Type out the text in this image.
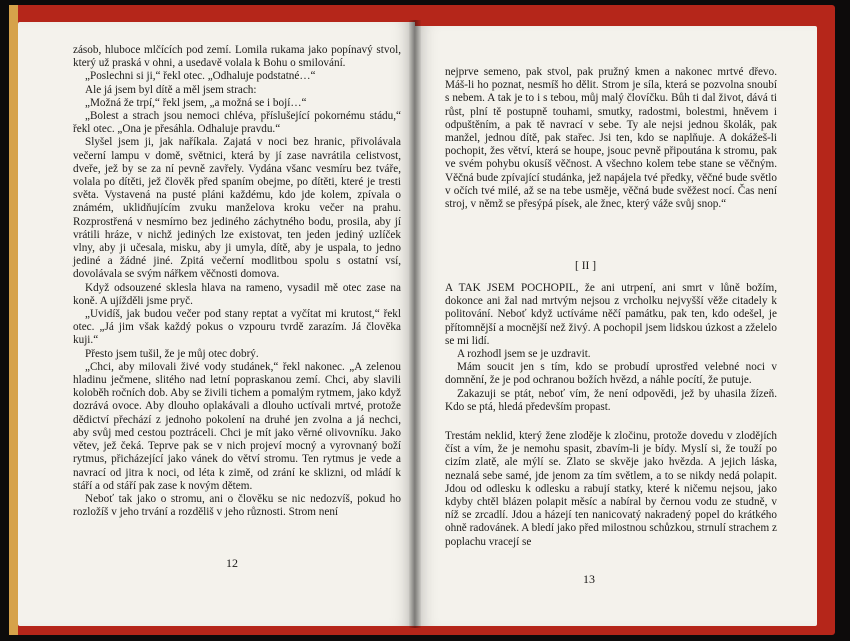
zásob, hluboce mlčících pod zemí. Lomila rukama jako popínavý stvol, který už praská v ohni, a usedavě volala k Bohu o smilování.

„Poslechni si ji,“ řekl otec. „Odhaluje podstatné…“

Ale já jsem byl dítě a měl jsem strach:

„Možná že trpí,“ řekl jsem, „a možná se i bojí…“

„Bolest a strach jsou nemoci chléva, příslušející pokornému stádu,“ řekl otec. „Ona je přesáhla. Odhaluje pravdu.“

Slyšel jsem ji, jak naříkala. Zajatá v noci bez hranic, přivolávala večerní lampu v domě, světnici, která by jí zase navrátila celistvost, dveře, jež by se za ní pevně zavřely. Vydána všanc vesmíru bez tváře, volala po dítěti, jež člověk před spaním obejme, po dítěti, které je tresti světa. Vystavená na pusté pláni každému, kdo jde kolem, zpívala o známém, uklidňujícím zvuku manželova kroku večer na prahu. Rozprostřená v nesmírno bez jediného záchytného bodu, prosila, aby jí vrátili hráze, v nichž jediných lze existovat, ten jeden jediný uzlíček vlny, aby ji učesala, misku, aby ji umyla, dítě, aby je uspala, to jedno jediné a žádné jiné. Zpitá večerní modlitbou spolu s ostatní vsí, dovolávala se svým nářkem věčnosti domova.

Když odsouzené sklesla hlava na rameno, vysadil mě otec zase na koně. A ujížděli jsme pryč.

„Uvidíš, jak budou večer pod stany reptat a vyčítat mi krutost,“ řekl otec. „Já jim však každý pokus o vzpouru tvrdě zarazím. Já člověka kuji.“

Přesto jsem tušil, že je můj otec dobrý.

„Chci, aby milovali živé vody studánek,“ řekl nakonec. „A zelenou hladinu ječmene, slitého nad letní popraskanou zemí. Chci, aby slavili koloběh ročních dob. Aby se živili tichem a pomalým rytmem, jako když dozrává ovoce. Aby dlouho oplakávali a dlouho uctívali mrtvé, protože dědictví přechází z jednoho pokolení na druhé jen zvolna a já nechci, aby svůj med cestou poztráceli. Chci je mít jako věrné olivovníku. Jako větev, jež čeká. Teprve pak se v nich projeví mocný a vyrovnaný boží rytmus, přicházející jako vánek do větví stromu. Ten rytmus je vede a navrací od jitra k noci, od léta k zimě, od zrání ke sklizni, od mládí k stáří a od stáří pak zase k novým dětem.

Neboť tak jako o stromu, ani o člověku se nic nedozvíš, pokud ho rozložíš v jeho trvání a rozděliš v jeho různosti. Strom není

12

nejprve semeno, pak stvol, pak pružný kmen a nakonec mrtvé dřevo. Máš-li ho poznat, nesmíš ho dělit. Strom je síla, která se pozvolna snoubí s nebem. A tak je to i s tebou, můj malý človíčku. Bůh ti dal život, dává ti růst, plní tě postupně touhami, smutky, radostmi, bolestmi, hněvem i odpuštěním, a pak tě navrací v sebe. Ty ale nejsi jednou školák, pak manžel, jednou dítě, pak stařec. Jsi ten, kdo se naplňuje. A dokážeš-li pochopit, žes větví, která se houpe, jsouc pevně připoutána k stromu, pak ve svém pohybu okusíš věčnost. A všechno kolem tebe stane se věčným. Věčná bude zpívající studánka, jež napájela tvé předky, věčné bude světlo v očích tvé milé, až se na tebe usměje, věčná bude svěžest nocí. Čas není stroj, v němž se přesýpá písek, ale žnec, který váže svůj snop.“

[ II ]

A TAK JSEM POCHOPIL, že ani utrpení, ani smrt v lůně božím, dokonce ani žal nad mrtvým nejsou z vrcholku nejvyšší věže citadely k politování. Neboť když uctíváme něčí památku, pak ten, kdo odešel, je přítomnější a mocnější než živý. A pochopil jsem lidskou úzkost a zželelo se mi lidí.

A rozhodl jsem se je uzdravit.

Mám soucit jen s tím, kdo se probudí uprostřed velebné noci v domnění, že je pod ochranou božích hvězd, a náhle pocítí, že putuje.

Zakazuji se ptát, neboť vím, že není odpovědi, jež by uhasila žízeň. Kdo se ptá, hledá především propast.

Trestám neklid, který žene zloděje k zločinu, protože dovedu v zlodějích číst a vím, že je nemohu spasit, zbavím-li je bídy. Myslí si, že touží po cizím zlatě, ale mýlí se. Zlato se skvěje jako hvězda. A jejich láska, neznalá sebe samé, jde jenom za tím světlem, a to se nikdy nedá polapit. Jdou od odlesku k odlesku a rabují statky, které k ničemu nejsou, jako kdyby chtěl blázen polapit měsíc a nabíral by černou vodu ze studně, v níž se zrcadlí. Jdou a házejí ten nanicovatý nakradený popel do krátkého ohně radovánek. A bledí jako před milostnou schůzkou, strnulí strachem z poplachu vracejí se

13
